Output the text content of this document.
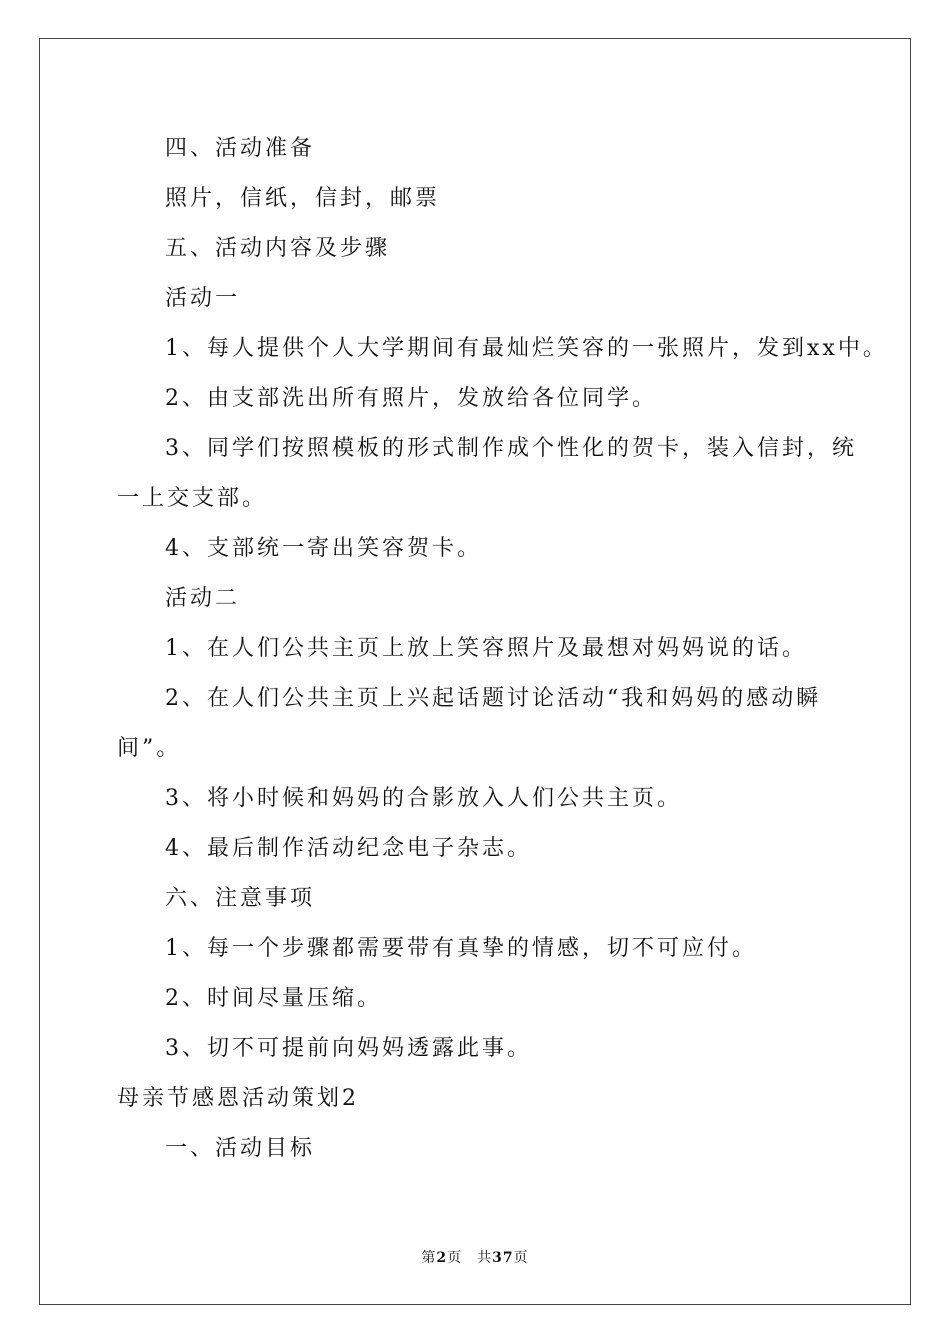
四、活动准备
照片，信纸，信封，邮票
五、活动内容及步骤
活动一
1、每人提供个人大学期间有最灿烂笑容的一张照片，发到xx中。
2、由支部洗出所有照片，发放给各位同学。
3、同学们按照模板的形式制作成个性化的贺卡，装入信封，统
一上交支部。
4、支部统一寄出笑容贺卡。
活动二
1、在人们公共主页上放上笑容照片及最想对妈妈说的话。
2、在人们公共主页上兴起话题讨论活动“我和妈妈的感动瞬
间”。
3、将小时候和妈妈的合影放入人们公共主页。
4、最后制作活动纪念电子杂志。
六、注意事项
1、每一个步骤都需要带有真挚的情感，切不可应付。
2、时间尽量压缩。
3、切不可提前向妈妈透露此事。
母亲节感恩活动策划2
一、活动目标
第2页　共37页
